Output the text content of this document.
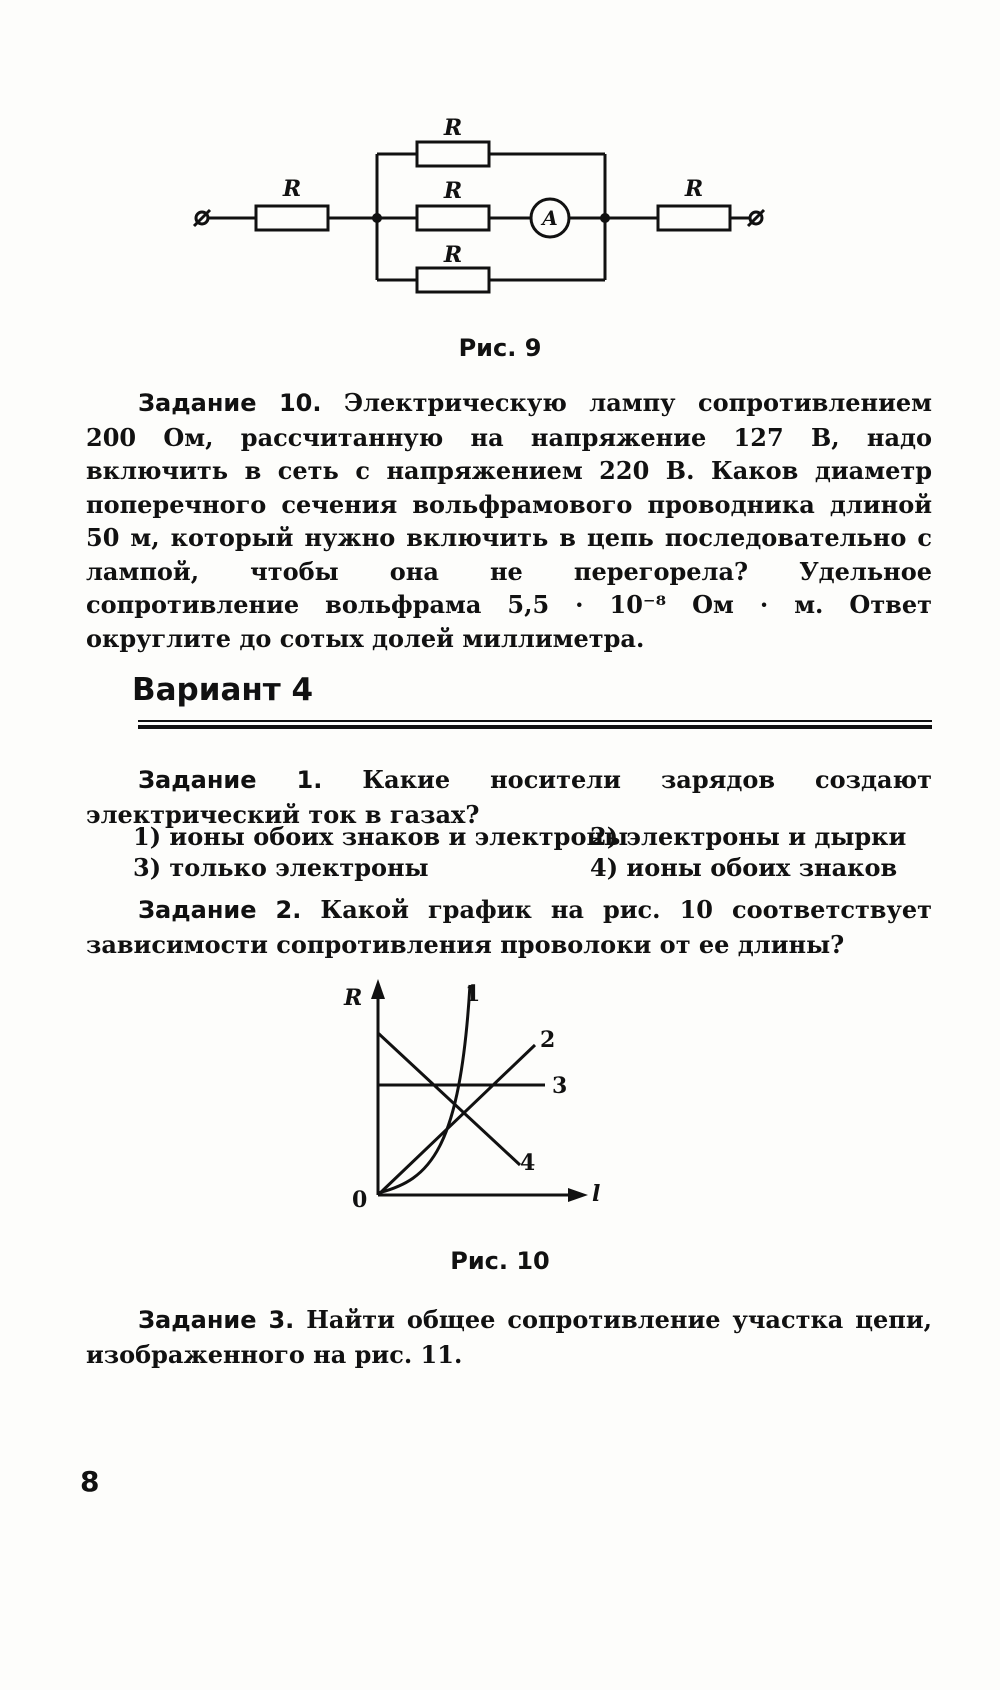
R
R
R
R
R
A
Рис. 9
Задание 10. Электрическую лампу сопротивлением 200 Ом, рассчитанную на напряжение 127 В, надо включить в сеть с напряжением 220 В. Каков диаметр поперечного сечения вольфрамового проводника длиной 50 м, который нужно включить в цепь последовательно с лампой, чтобы она не перегорела? Удельное сопротивление вольфрама 5,5 · 10⁻⁸ Ом · м. Ответ округлите до сотых долей миллиметра.
Вариант 4
Задание 1. Какие носители зарядов создают электрический ток в газах?
1) ионы обоих знаков и электроны
2) электроны и дырки
3) только электроны	4) ионы обоих знаков
Задание 2. Какой график на рис. 10 соответствует зависимости сопротивления проволоки от ее длины?
R
l
0
1
2
3
4
Рис. 10
Задание 3. Найти общее сопротивление участка цепи, изображенного на рис. 11.
8
